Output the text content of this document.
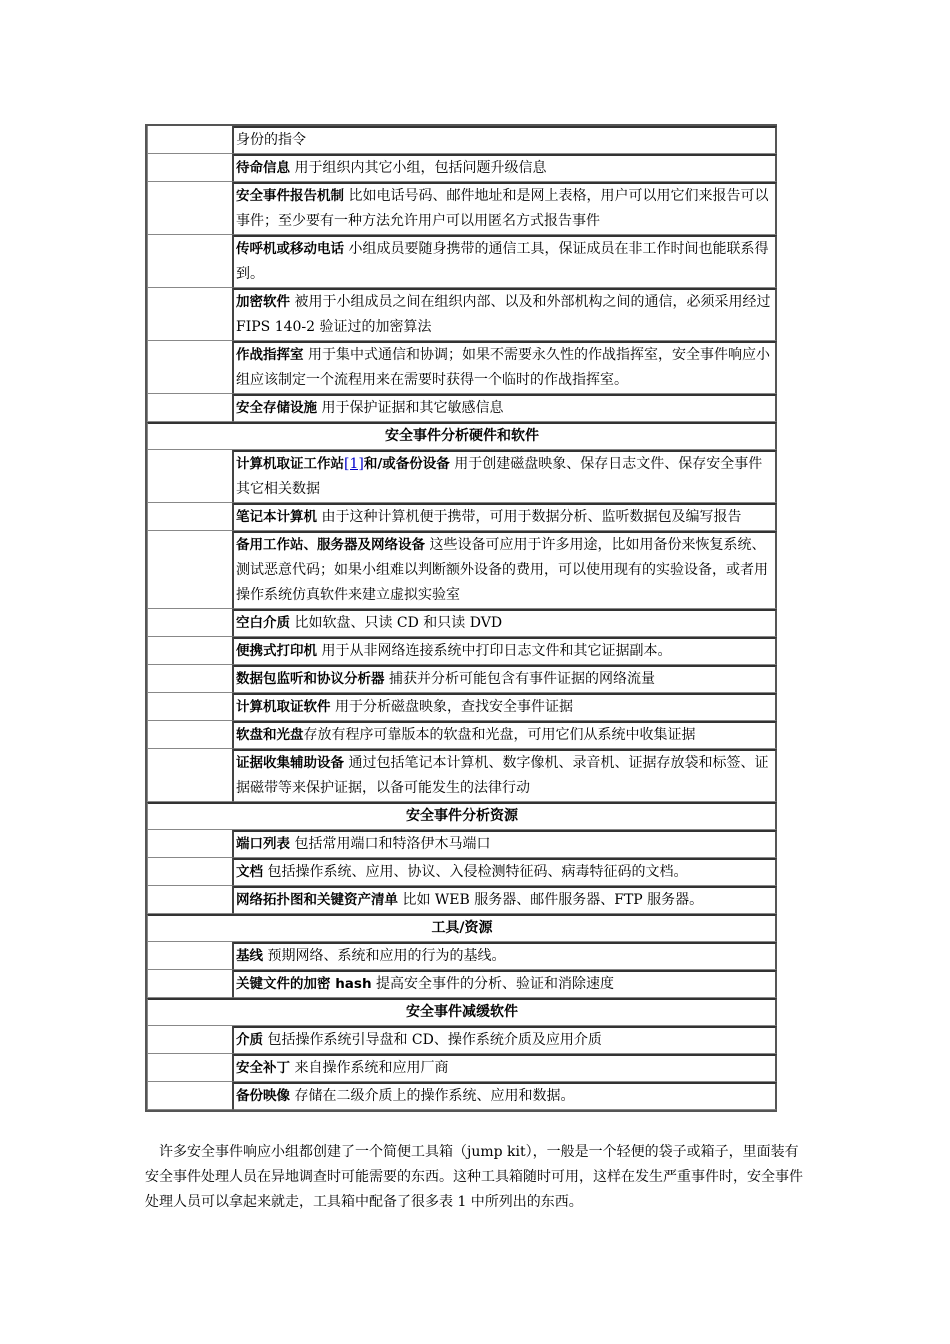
	身份的指令
	待命信息 用于组织内其它小组，包括问题升级信息
	安全事件报告机制 比如电话号码、邮件地址和是网上表格，用户可以用它们来报告可以事件；至少要有一种方法允许用户可以用匿名方式报告事件
	传呼机或移动电话 小组成员要随身携带的通信工具，保证成员在非工作时间也能联系得到。
	加密软件 被用于小组成员之间在组织内部、以及和外部机构之间的通信，必须采用经过 FIPS 140-2 验证过的加密算法
	作战指挥室 用于集中式通信和协调；如果不需要永久性的作战指挥室，安全事件响应小组应该制定一个流程用来在需要时获得一个临时的作战指挥室。
	安全存储设施 用于保护证据和其它敏感信息
安全事件分析硬件和软件	
	计算机取证工作站[1]和/或备份设备 用于创建磁盘映象、保存日志文件、保存安全事件其它相关数据
	笔记本计算机 由于这种计算机便于携带，可用于数据分析、监听数据包及编写报告
	备用工作站、服务器及网络设备 这些设备可应用于许多用途，比如用备份来恢复系统、测试恶意代码；如果小组难以判断额外设备的费用，可以使用现有的实验设备，或者用操作系统仿真软件来建立虚拟实验室
	空白介质 比如软盘、只读 CD 和只读 DVD
	便携式打印机 用于从非网络连接系统中打印日志文件和其它证据副本。
	数据包监听和协议分析器 捕获并分析可能包含有事件证据的网络流量
	计算机取证软件 用于分析磁盘映象，查找安全事件证据
	软盘和光盘存放有程序可靠版本的软盘和光盘，可用它们从系统中收集证据
	证据收集辅助设备 通过包括笔记本计算机、数字像机、录音机、证据存放袋和标签、证据磁带等来保护证据，以备可能发生的法律行动
安全事件分析资源	
	端口列表 包括常用端口和特洛伊木马端口
	文档 包括操作系统、应用、协议、入侵检测特征码、病毒特征码的文档。
	网络拓扑图和关键资产清单 比如 WEB 服务器、邮件服务器、FTP 服务器。
工具/资源	
	基线 预期网络、系统和应用的行为的基线。
	关键文件的加密 hash 提高安全事件的分析、验证和消除速度
安全事件减缓软件	
	介质 包括操作系统引导盘和 CD、操作系统介质及应用介质
	安全补丁 来自操作系统和应用厂商
	备份映像 存储在二级介质上的操作系统、应用和数据。

许多安全事件响应小组都创建了一个简便工具箱（jump kit），一般是一个轻便的袋子或箱子，里面装有安全事件处理人员在异地调查时可能需要的东西。这种工具箱随时可用，这样在发生严重事件时，安全事件处理人员可以拿起来就走，工具箱中配备了很多表 1 中所列出的东西。
